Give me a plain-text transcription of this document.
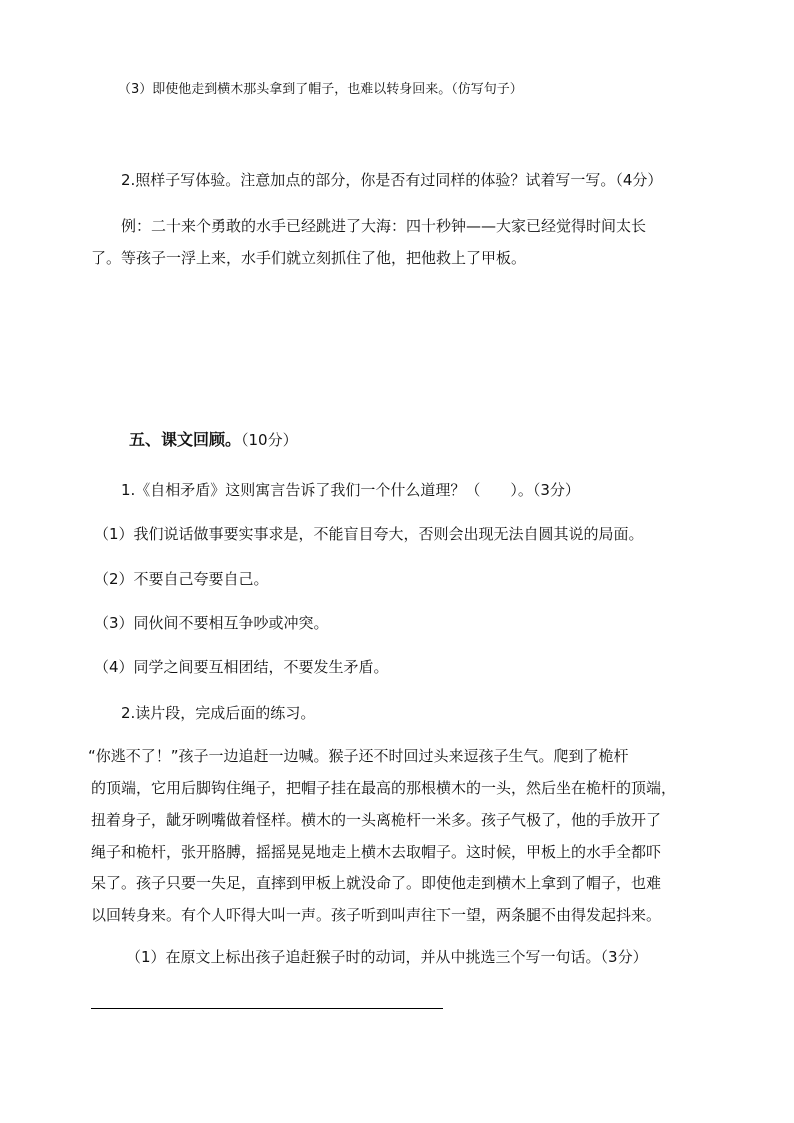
（3）即使他走到横木那头拿到了帽子，也难以转身回来。（仿写句子）
2.照样子写体验。注意加点的部分，你是否有过同样的体验？试着写一写。（4分）
例：二十来个勇敢的水手已经跳进了大海：四十秒钟——大家已经觉得时间太长
了。等孩子一浮上来，水手们就立刻抓住了他，把他救上了甲板。
五、课文回顾。（10分）
1.《自相矛盾》这则寓言告诉了我们一个什么道理？（　　）。（3分）
（1）我们说话做事要实事求是，不能盲目夸大，否则会出现无法自圆其说的局面。
（2）不要自己夸要自己。
（3）同伙间不要相互争吵或冲突。
（4）同学之间要互相团结，不要发生矛盾。
2.读片段，完成后面的练习。
“你逃不了！”孩子一边追赶一边喊。猴子还不时回过头来逗孩子生气。爬到了桅杆
的顶端，它用后脚钩住绳子，把帽子挂在最高的那根横木的一头，然后坐在桅杆的顶端，
扭着身子，龇牙咧嘴做着怪样。横木的一头离桅杆一米多。孩子气极了，他的手放开了
绳子和桅杆，张开胳膊，摇摇晃晃地走上横木去取帽子。这时候，甲板上的水手全都吓
呆了。孩子只要一失足，直摔到甲板上就没命了。即使他走到横木上拿到了帽子，也难
以回转身来。有个人吓得大叫一声。孩子听到叫声往下一望，两条腿不由得发起抖来。
（1）在原文上标出孩子追赶猴子时的动词，并从中挑选三个写一句话。（3分）
